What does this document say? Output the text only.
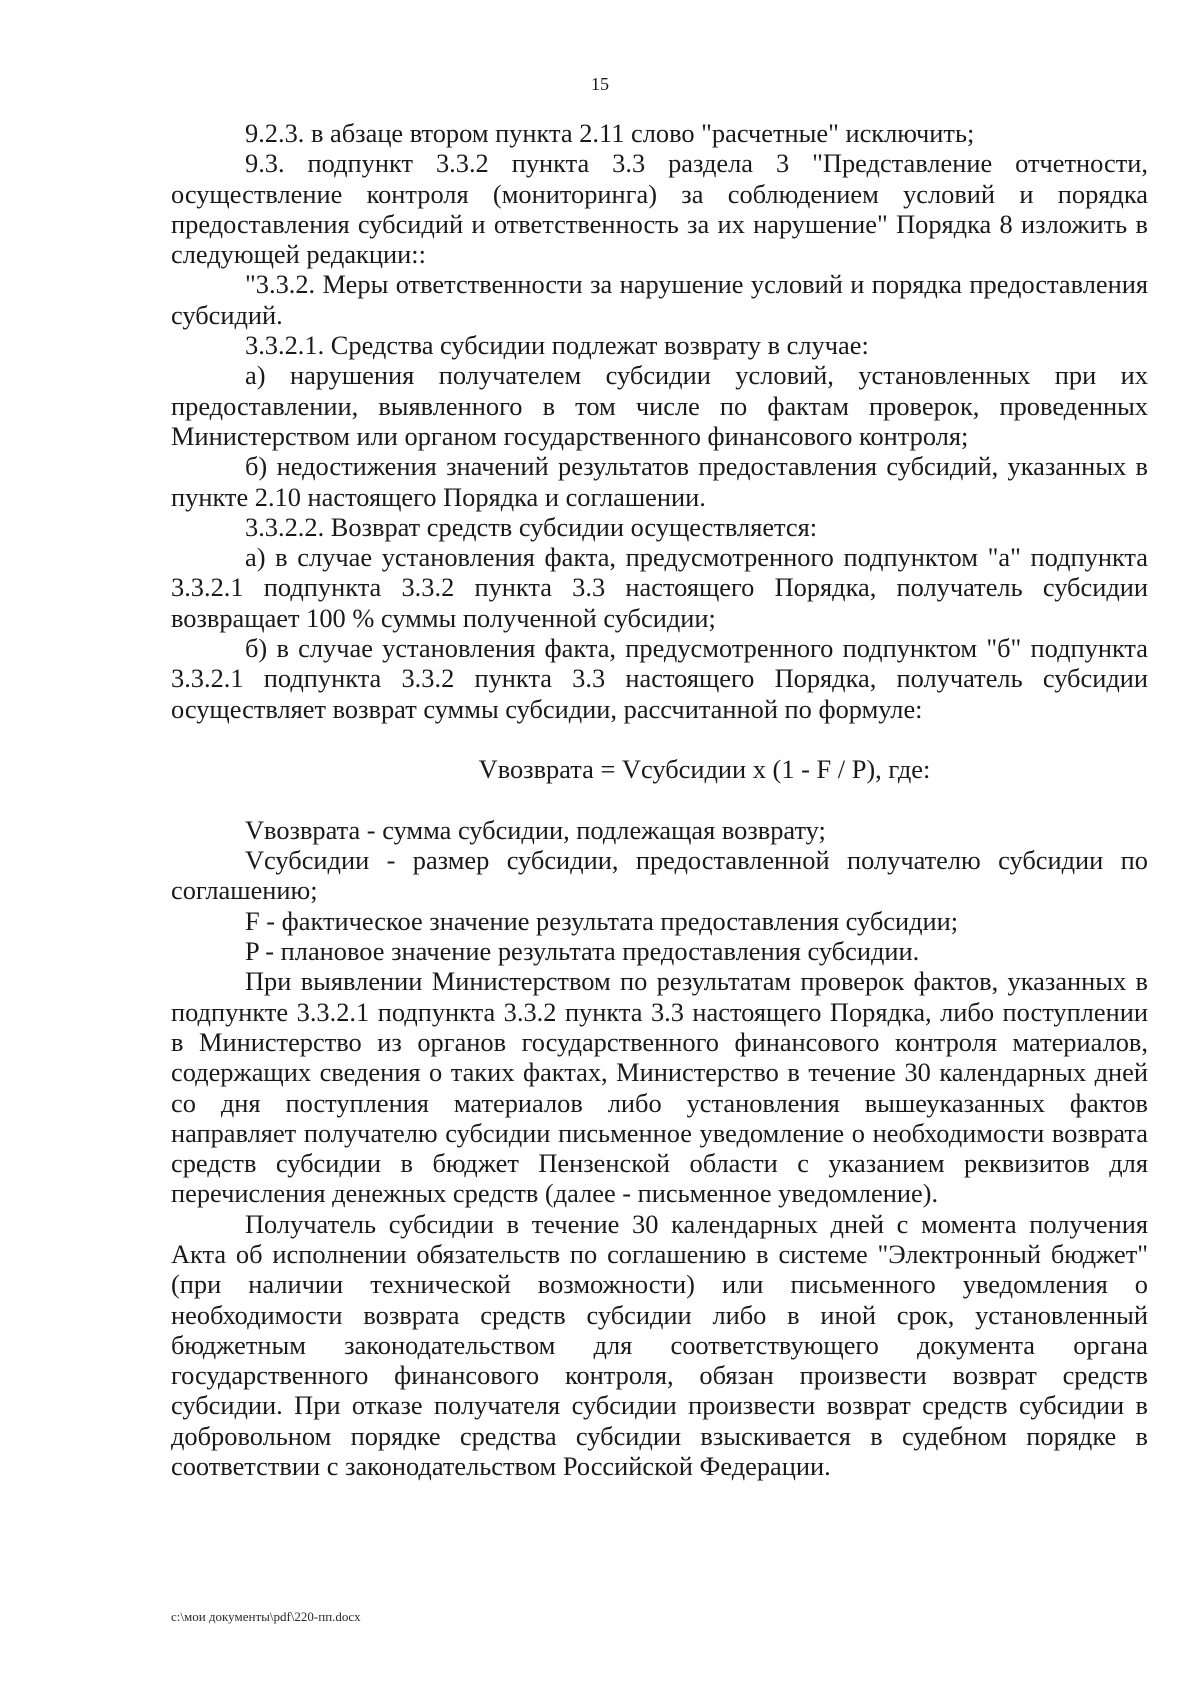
15

9.2.3. в абзаце втором пункта 2.11 слово "расчетные" исключить;

9.3. подпункт 3.3.2 пункта 3.3 раздела 3 "Представление отчетности, осуществление контроля (мониторинга) за соблюдением условий и порядка предоставления субсидий и ответственность за их нарушение" Порядка 8 изложить в следующей редакции::

"3.3.2. Меры ответственности за нарушение условий и порядка предоставления субсидий.

3.3.2.1. Средства субсидии подлежат возврату в случае:

а) нарушения получателем субсидии условий, установленных при их предоставлении, выявленного в том числе по фактам проверок, проведенных Министерством или органом государственного финансового контроля;

б) недостижения значений результатов предоставления субсидий, указанных в пункте 2.10 настоящего Порядка и соглашении.

3.3.2.2. Возврат средств субсидии осуществляется:

а) в случае установления факта, предусмотренного подпунктом "а" подпункта 3.3.2.1 подпункта 3.3.2 пункта 3.3 настоящего Порядка, получатель субсидии возвращает 100 % суммы полученной субсидии;

б) в случае установления факта, предусмотренного подпунктом "б" подпункта 3.3.2.1 подпункта 3.3.2 пункта 3.3 настоящего Порядка, получатель субсидии осуществляет возврат суммы субсидии, рассчитанной по формуле:

Vвозврата = Vсубсидии x (1 - F / P), где:

Vвозврата - сумма субсидии, подлежащая возврату;

Vсубсидии - размер субсидии, предоставленной получателю субсидии по соглашению;

F - фактическое значение результата предоставления субсидии;

P - плановое значение результата предоставления субсидии.

При выявлении Министерством по результатам проверок фактов, указанных в подпункте 3.3.2.1 подпункта 3.3.2 пункта 3.3 настоящего Порядка, либо поступлении в Министерство из органов государственного финансового контроля материалов, содержащих сведения о таких фактах, Министерство в течение 30 календарных дней со дня поступления материалов либо установления вышеуказанных фактов направляет получателю субсидии письменное уведомление о необходимости возврата средств субсидии в бюджет Пензенской области с указанием реквизитов для перечисления денежных средств (далее - письменное уведомление).

Получатель субсидии в течение 30 календарных дней с момента получения Акта об исполнении обязательств по соглашению в системе "Электронный бюджет" (при наличии технической возможности) или письменного уведомления о необходимости возврата средств субсидии либо в иной срок, установленный бюджетным законодательством для соответствующего документа органа государственного финансового контроля, обязан произвести возврат средств субсидии. При отказе получателя субсидии произвести возврат средств субсидии в добровольном порядке средства субсидии взыскивается в судебном порядке в соответствии с законодательством Российской Федерации.

c:\мои документы\pdf\220-пп.docx
